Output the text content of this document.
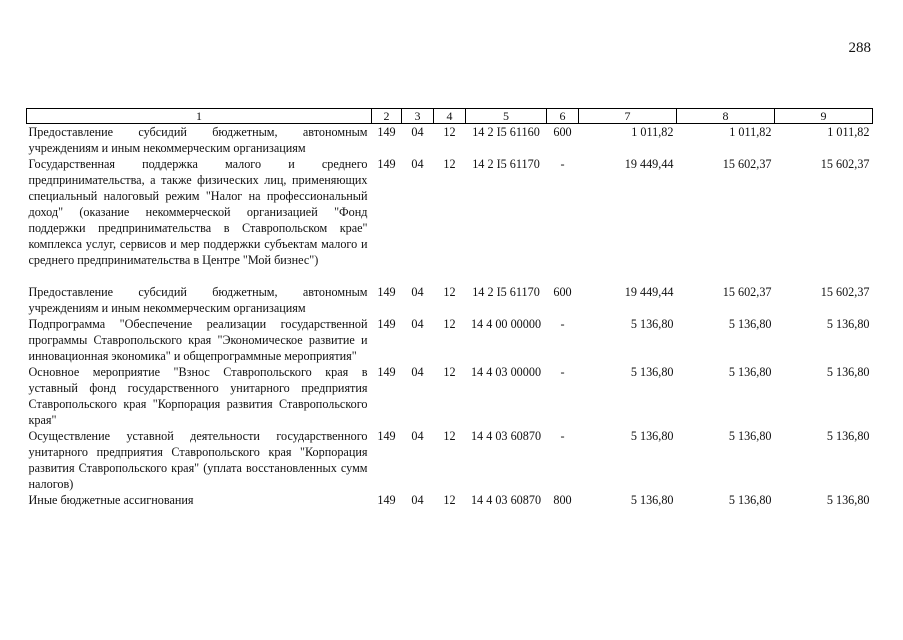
288
1	2	3	4	5	6	7	8	9
Предоставление субсидий бюджетным, автономным учреждениям и иным некоммерческим организациям	149	04	12	14 2 I5 61160	600	1 011,82	1 011,82	1 011,82
Государственная поддержка малого и среднего предпринимательства, а также физических лиц, применяющих специальный налоговый режим "Налог на профессиональный доход" (оказание некоммерческой организацией "Фонд поддержки предпринимательства в Ставропольском крае" комплекса услуг, сервисов и мер поддержки субъектам малого и среднего предпринимательства в Центре "Мой бизнес")	149	04	12	14 2 I5 61170	-	19 449,44	15 602,37	15 602,37
Предоставление субсидий бюджетным, автономным учреждениям и иным некоммерческим организациям	149	04	12	14 2 I5 61170	600	19 449,44	15 602,37	15 602,37
Подпрограмма "Обеспечение реализации государственной программы Ставропольского края "Экономическое развитие и инновационная экономика" и общепрограммные мероприятия"	149	04	12	14 4 00 00000	-	5 136,80	5 136,80	5 136,80
Основное мероприятие "Взнос Ставропольского края в уставный фонд государственного унитарного предприятия Ставропольского края "Корпорация развития Ставропольского края"	149	04	12	14 4 03 00000	-	5 136,80	5 136,80	5 136,80
Осуществление уставной деятельности государственного унитарного предприятия Ставропольского края "Корпорация развития Ставропольского края" (уплата восстановленных сумм налогов)	149	04	12	14 4 03 60870	-	5 136,80	5 136,80	5 136,80
Иные бюджетные ассигнования	149	04	12	14 4 03 60870	800	5 136,80	5 136,80	5 136,80
